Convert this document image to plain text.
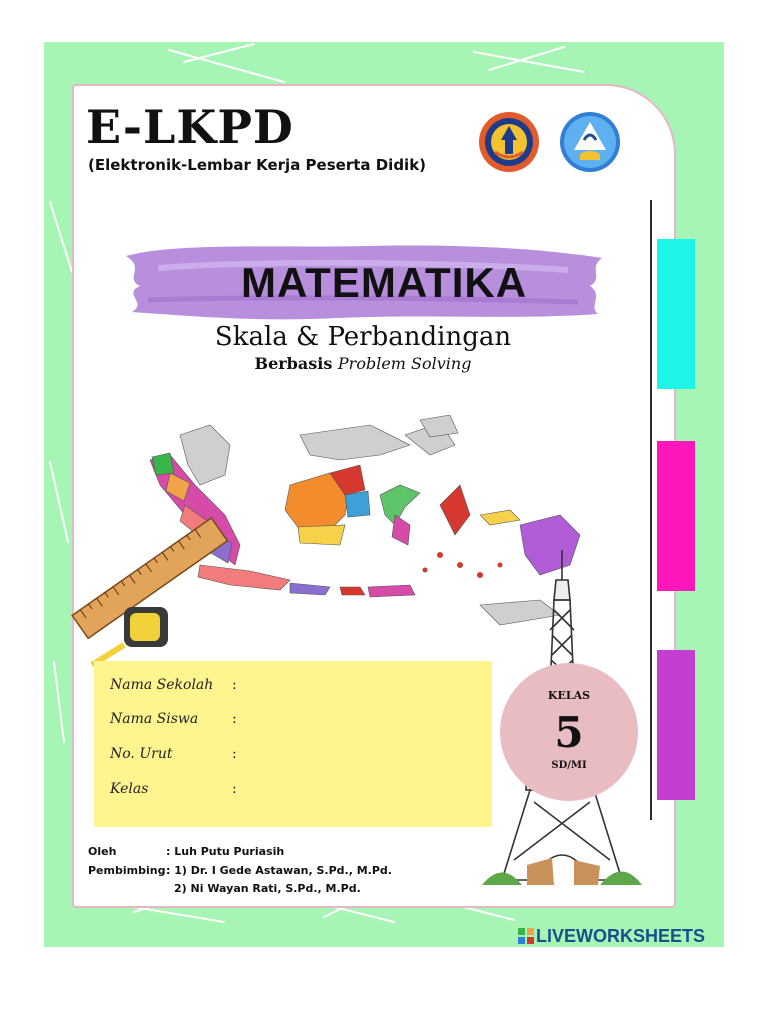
E-LKPD
(Elektronik-Lembar Kerja Peserta Didik)
MATEMATIKA
Skala & Perbandingan
Berbasis Problem Solving
Nama Sekolah :
Nama Siswa :
No. Urut	:
Kelas	:
KELAS
5
SD/MI
Oleh	: Luh Putu Puriasih
Pembimbing : 1) Dr. I Gede Astawan, S.Pd., M.Pd.
2) Ni Wayan Rati, S.Pd., M.Pd.
LIVEWORKSHEETS
